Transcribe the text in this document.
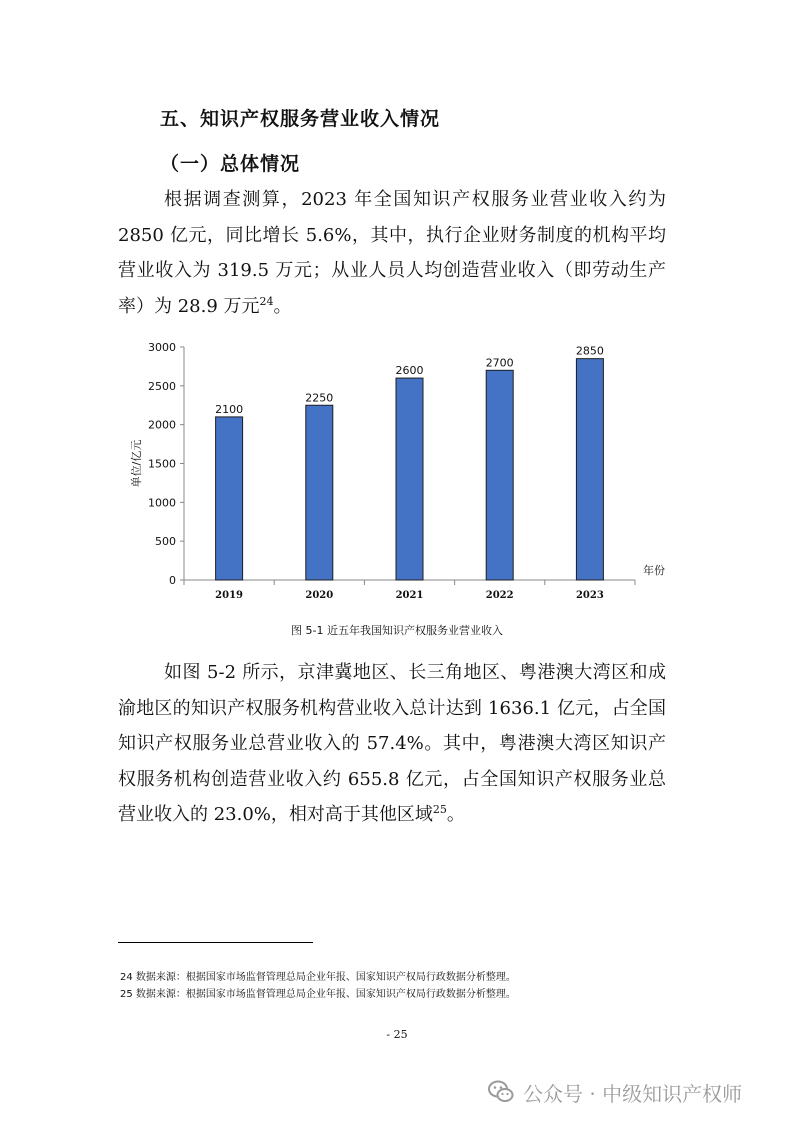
五、知识产权服务营业收入情况
（一）总体情况
根据调查测算，2023 年全国知识产权服务业营业收入约为 2850 亿元，同比增长 5.6%，其中，执行企业财务制度的机构平均营业收入为 319.5 万元；从业人员人均创造营业收入（即劳动生产率）为 28.9 万元$^{24}$。
0
500
1000
1500
2000
2500
3000
2100
2019
2250
2020
2600
2021
2700
2022
2850
2023
年份
单位/亿元
图 5-1 近五年我国知识产权服务业营业收入
如图 5-2 所示，京津冀地区、长三角地区、粤港澳大湾区和成渝地区的知识产权服务机构营业收入总计达到 1636.1 亿元，占全国知识产权服务业总营业收入的 57.4%。其中，粤港澳大湾区知识产权服务机构创造营业收入约 655.8 亿元，占全国知识产权服务业总营业收入的 23.0%，相对高于其他区域$^{25}$。
24 数据来源：根据国家市场监督管理总局企业年报、国家知识产权局行政数据分析整理。
25 数据来源：根据国家市场监督管理总局企业年报、国家知识产权局行政数据分析整理。
- 25
公众号 · 中级知识产权师
